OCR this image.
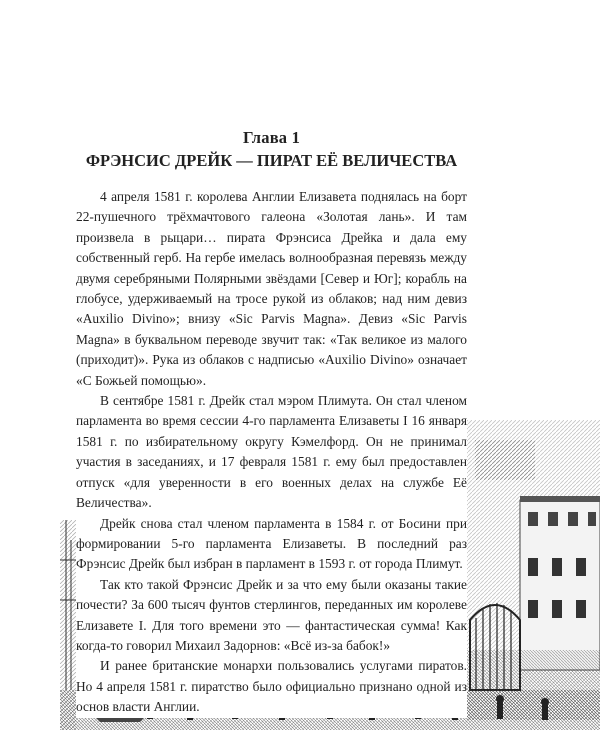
Глава 1
ФРЭНСИС ДРЕЙК — ПИРАТ ЕЁ ВЕЛИЧЕСТВА

4 апреля 1581 г. королева Англии Елизавета поднялась на борт 22-пушечного трёхмачтового галеона «Золотая лань». И там произвела в рыцари… пирата Фрэнсиса Дрейка и дала ему собственный герб. На гербе имелась волнообразная перевязь между двумя серебряными Полярными звёздами [Север и Юг]; корабль на глобусе, удерживаемый на тросе рукой из облаков; над ним девиз «Auxilio Divino»; внизу «Sic Parvis Magna». Девиз «Sic Parvis Magna» в буквальном переводе звучит так: «Так великое из малого (приходит)». Рука из облаков с надписью «Auxilio Divino» означает «С Божьей помощью».

В сентябре 1581 г. Дрейк стал мэром Плимута. Он стал членом парламента во время сессии 4-го парламента Елизаветы I 16 января 1581 г. по избирательному округу Кэмелфорд. Он не принимал участия в заседаниях, и 17 февраля 1581 г. ему был предоставлен отпуск «для уверенности в его военных делах на службе Её Величества».

Дрейк снова стал членом парламента в 1584 г. от Босини при формировании 5-го парламента Елизаветы. В последний раз Фрэнсис Дрейк был избран в парламент в 1593 г. от города Плимут.

Так кто такой Фрэнсис Дрейк и за что ему были оказаны такие почести? За 600 тысяч фунтов стерлингов, переданных им королеве Елизавете I. Для того времени это — фантастическая сумма! Как когда-то говорил Михаил Задорнов: «Всё из-за бабок!»

И ранее британские монархи пользовались услугами пиратов. Но 4 апреля 1581 г. пиратство было официально признано одной из основ власти Англии.
